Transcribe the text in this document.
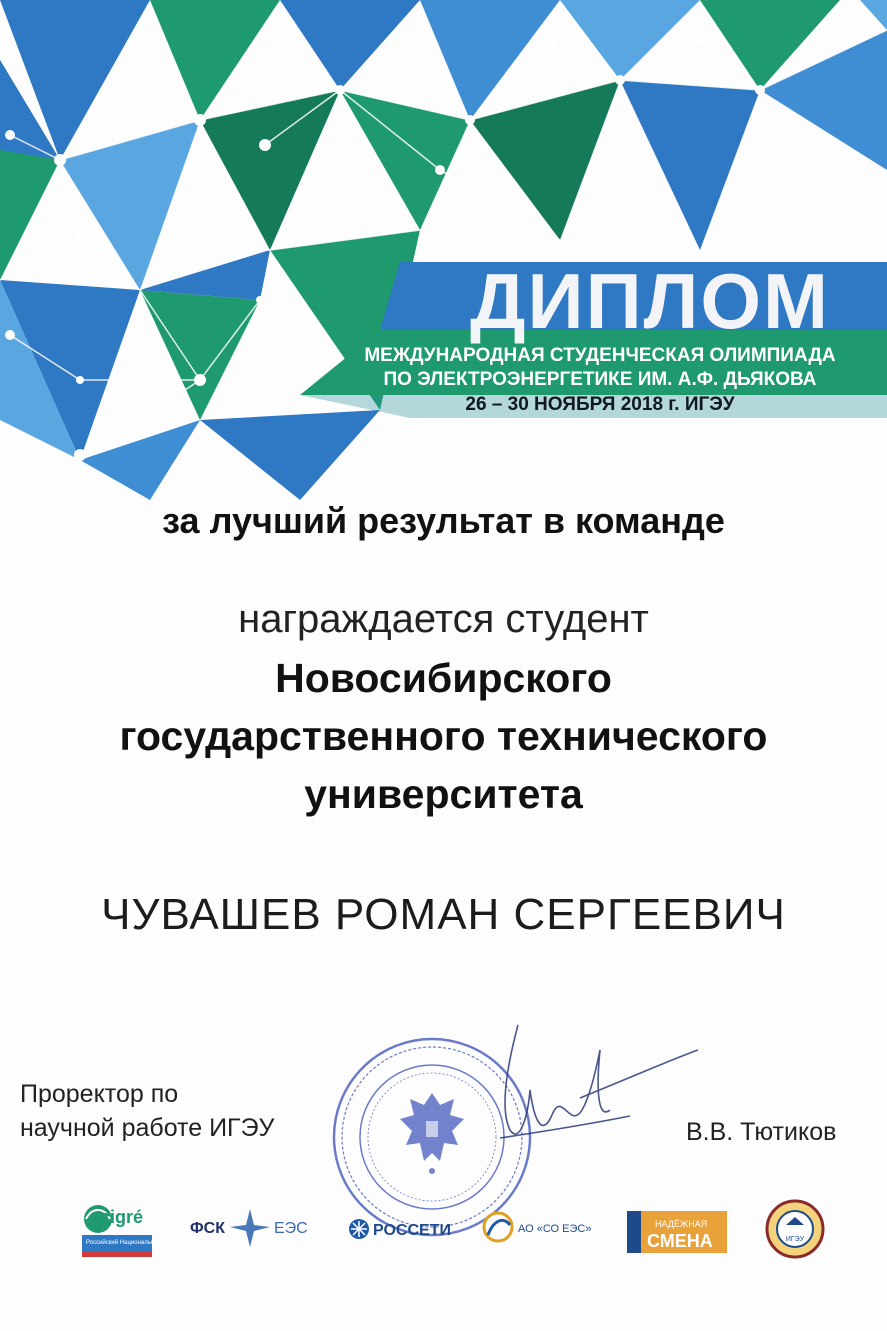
ДИПЛОМ
МЕЖДУНАРОДНАЯ СТУДЕНЧЕСКАЯ ОЛИМПИАДА
ПО ЭЛЕКТРОЭНЕРГЕТИКЕ ИМ. А.Ф. ДЬЯКОВА
26 – 30 НОЯБРЯ 2018 г. ИГЭУ
за лучший результат в команде
награждается студент
Новосибирского
государственного технического
университета
ЧУВАШЕВ РОМАН СЕРГЕЕВИЧ
Проректор по
научной работе ИГЭУ	В.В. Тютиков
cigré
Российский Национальный Комитет
ФСК	ЕЭС	РОССЕТИ	АО «СО ЕЭС»	НАДЁЖНАЯ
СМЕНА	ИГЭУ
